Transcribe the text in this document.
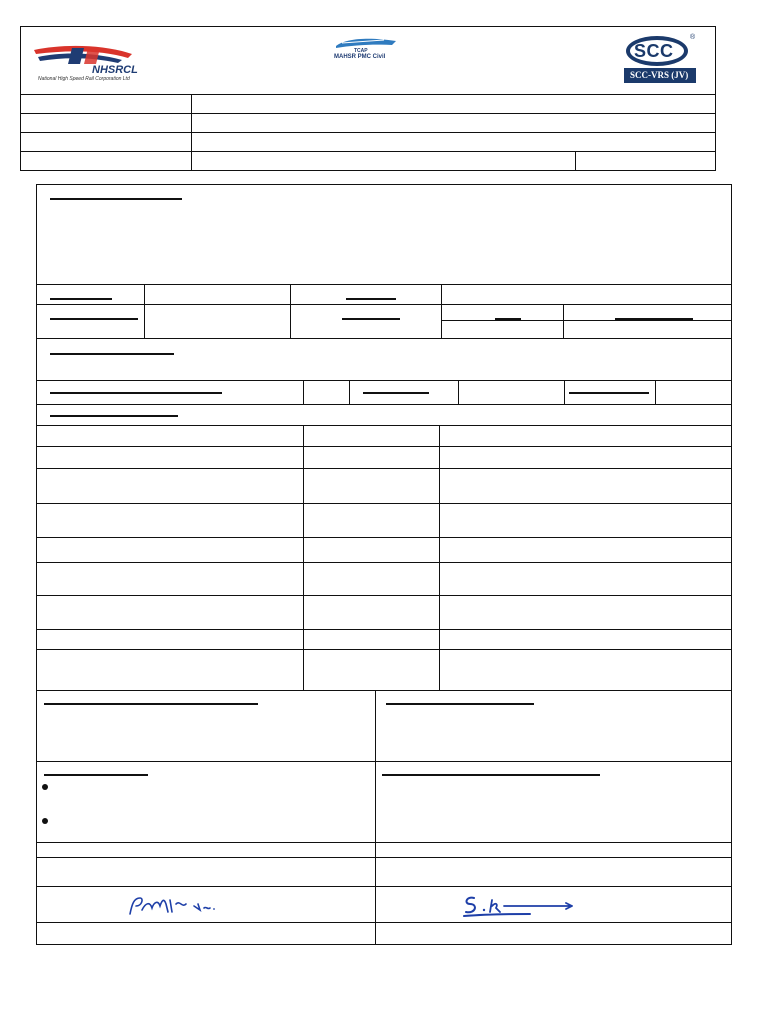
NHSRCL
National High Speed Rail Corporation Ltd
TCAP
MAHSR PMC Civil	SCC
®
SCC-VRS (JV)
